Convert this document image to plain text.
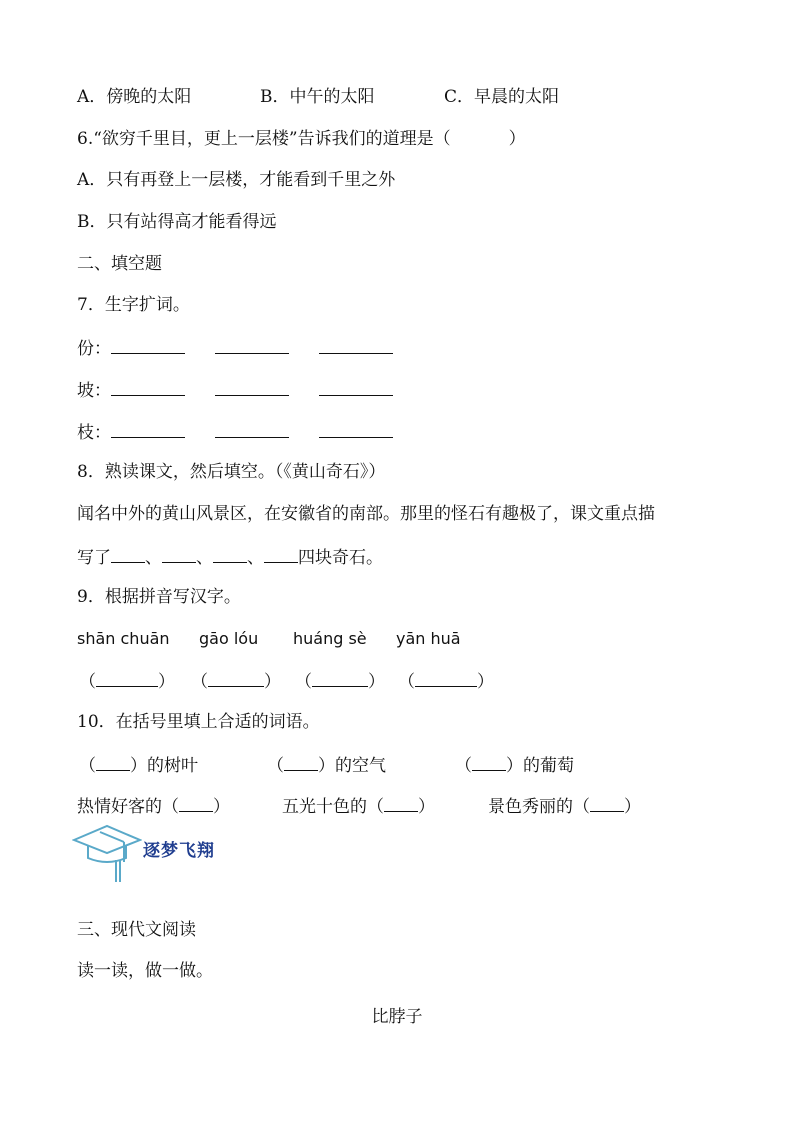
A．傍晚的太阳	B．中午的太阳	C．早晨的太阳
6.“欲穷千里目，更上一层楼”告诉我们的道理是（	）
A．只有再登上一层楼，才能看到千里之外
B．只有站得高才能看得远
二、填空题
7．生字扩词。
份：
坡：
枝：
8．熟读课文，然后填空。（《黄山奇石》）
闻名中外的黄山风景区，在安徽省的南部。那里的怪石有趣极了，课文重点描
写了 、 、 、 四块奇石。
9．根据拼音写汉字。
shān chuān gāo lóu huáng sè yān huā
（	） （	） （	） （	）
10．在括号里填上合适的词语。
（ ）的树叶	（ ）的空气	（ ）的葡萄
热情好客的（ ）	五光十色的（ ）	景色秀丽的（ ）
逐梦飞翔
三、现代文阅读
读一读，做一做。
比脖子
